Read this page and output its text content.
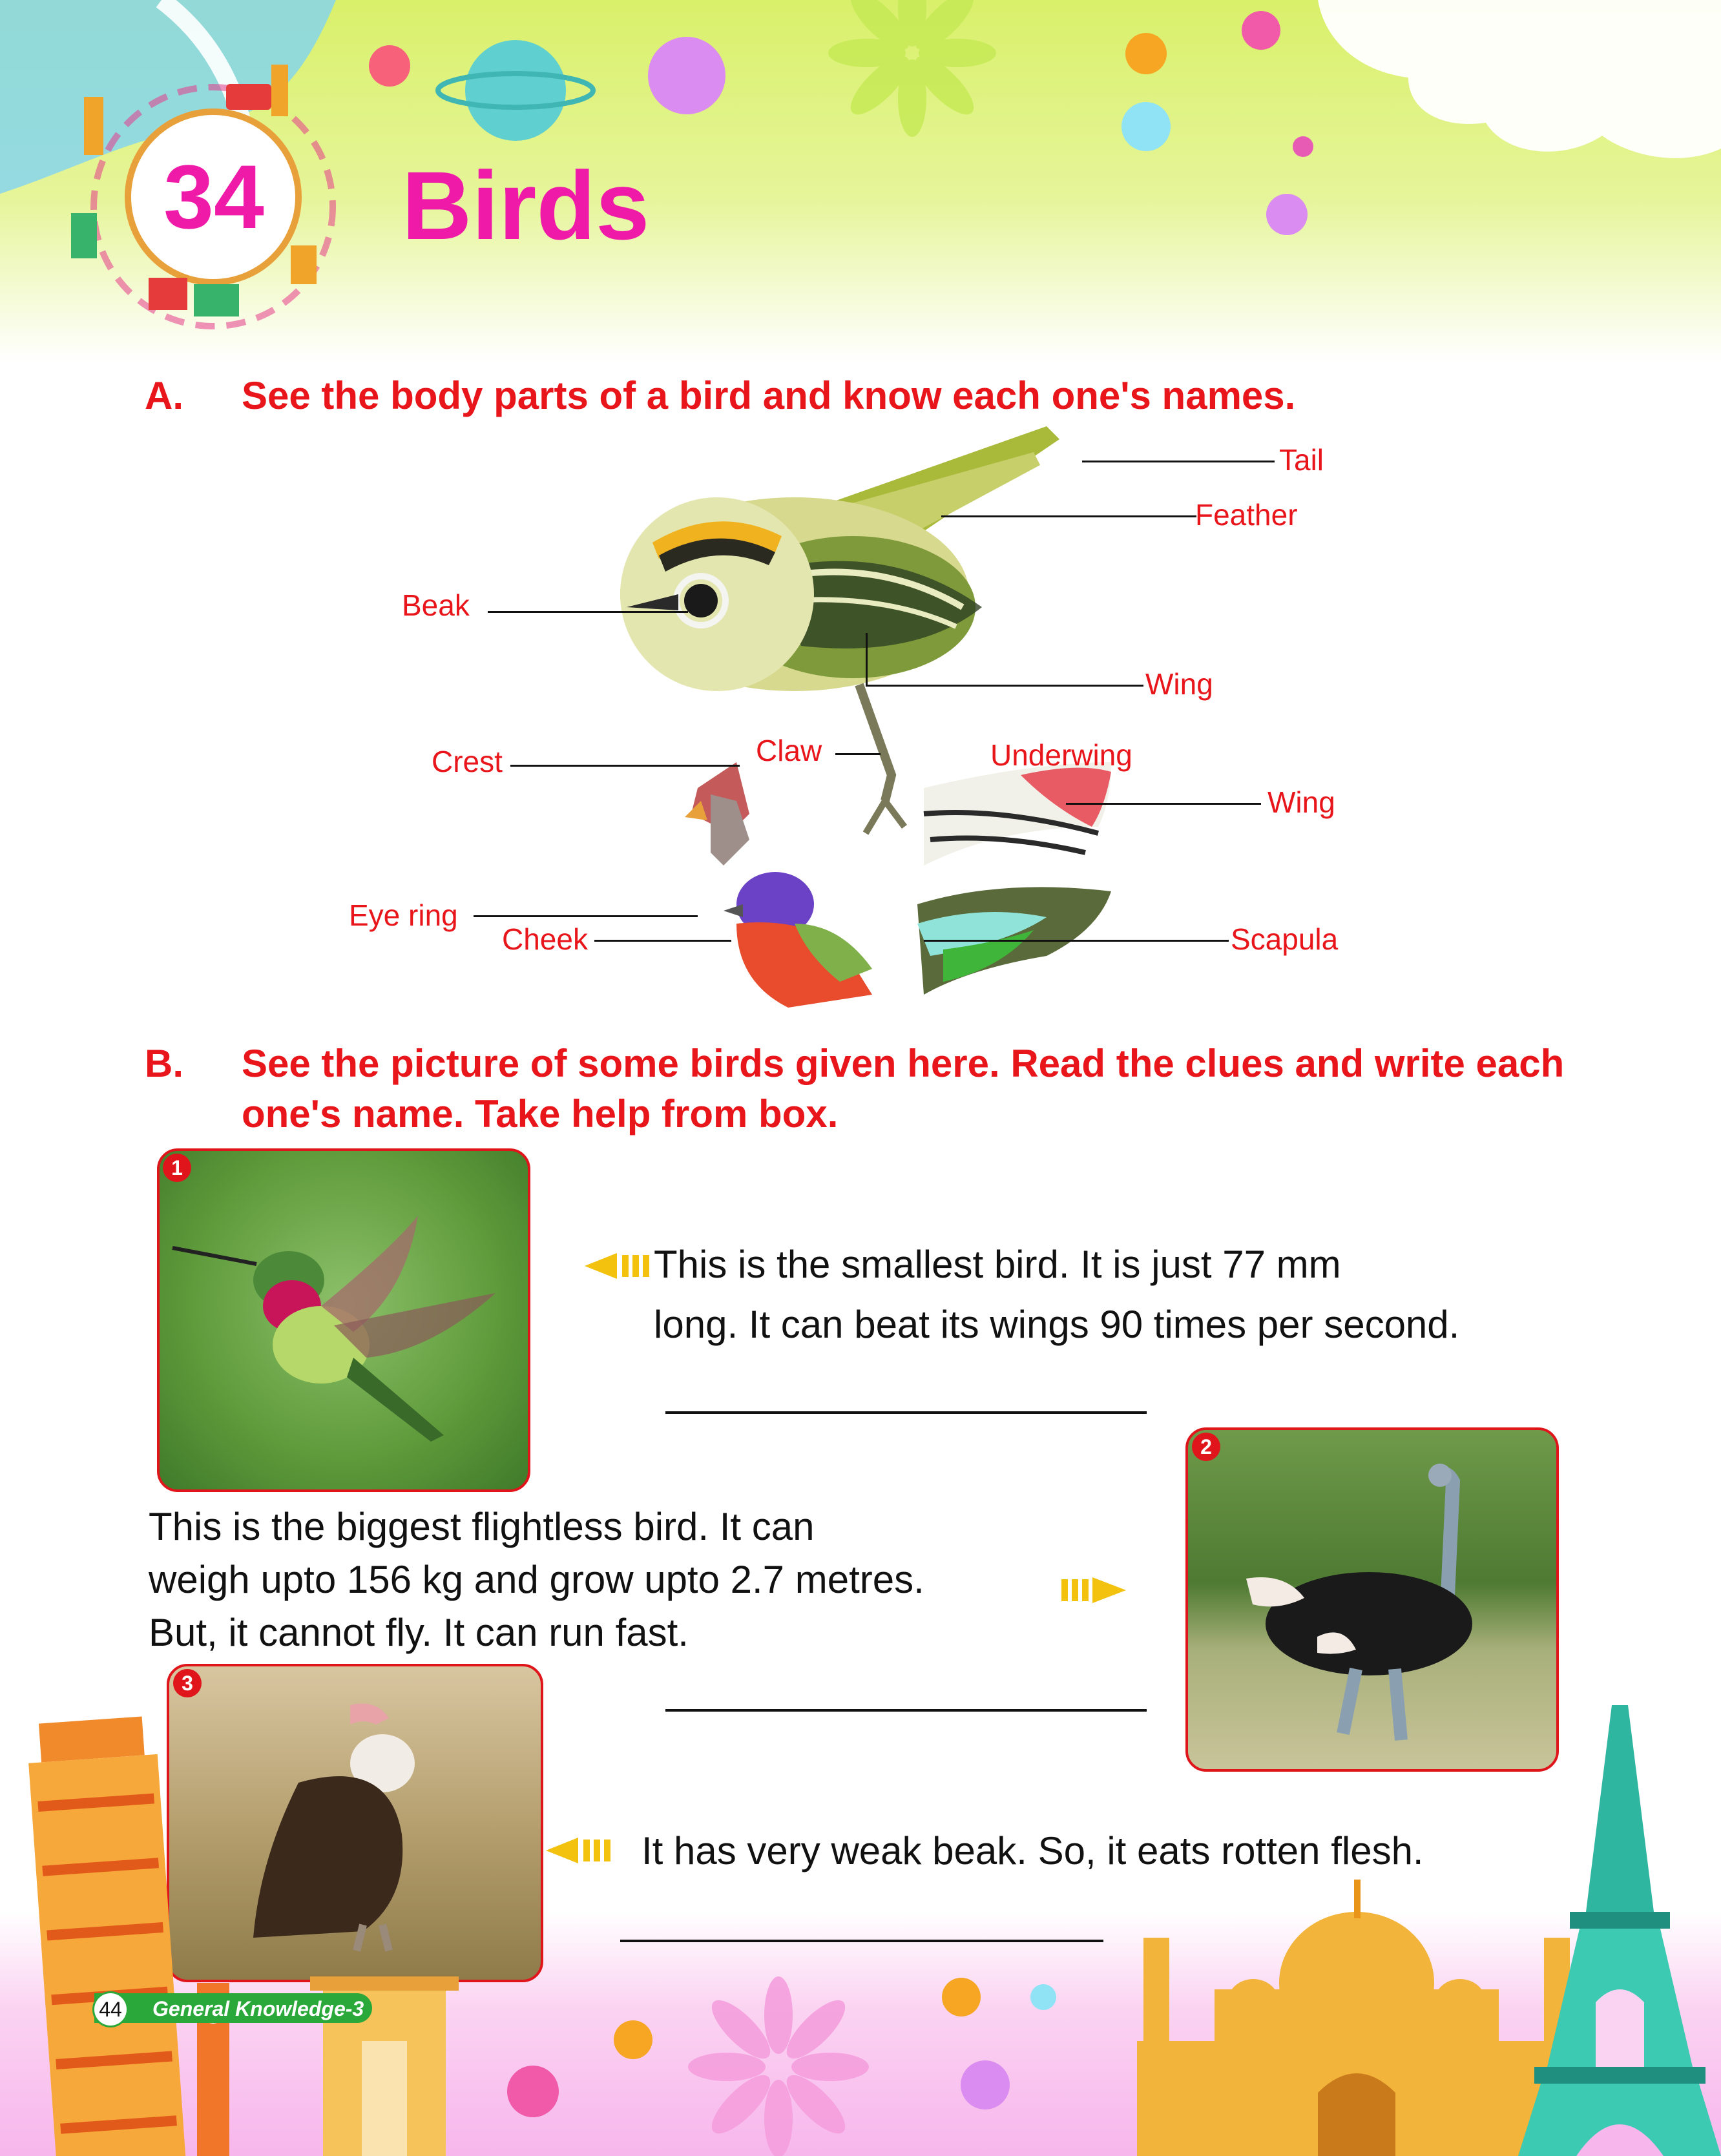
34 Birds
A. See the body parts of a bird and know each one's names.
Tail
Feather
Beak
Wing
Crest	Claw	Underwing
Wing
Eye ring
Cheek	Scapula
B. See the picture of some birds given here. Read the clues and write each
one's name. Take help from box.
1
This is the smallest bird. It is just 77 mm
long. It can beat its wings 90 times per second.
This is the biggest flightless bird. It can
weigh upto 156 kg and grow upto 2.7 metres.
But, it cannot fly. It can run fast.
2
3
It has very weak beak. So, it eats rotten flesh.
44	General Knowledge-3
